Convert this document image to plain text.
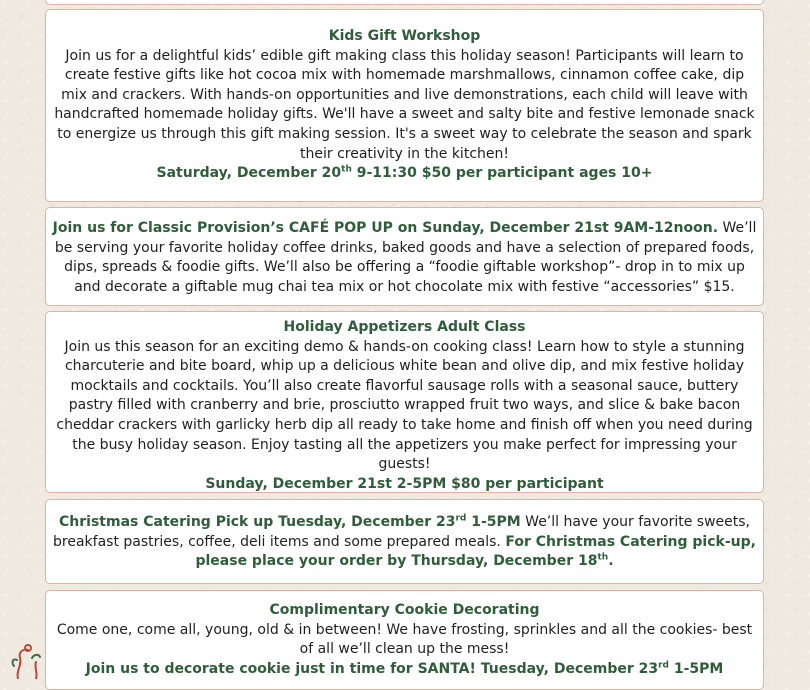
Kids Gift Workshop
Join us for a delightful kids’ edible gift making class this holiday season! Participants will learn to create festive gifts like hot cocoa mix with homemade marshmallows, cinnamon coffee cake, dip mix and crackers. With hands-on opportunities and live demonstrations, each child will leave with handcrafted homemade holiday gifts. We'll have a sweet and salty bite and festive lemonade snack to energize us through this gift making session. It's a sweet way to celebrate the season and spark their creativity in the kitchen!
Saturday, December 20th 9-11:30 $50 per participant ages 10+
Join us for Classic Provision’s CAFÉ POP UP on Sunday, December 21st 9AM-12noon. We’ll be serving your favorite holiday coffee drinks, baked goods and have a selection of prepared foods, dips, spreads & foodie gifts. We’ll also be offering a “foodie giftable workshop”- drop in to mix up and decorate a giftable mug chai tea mix or hot chocolate mix with festive “accessories” $15.
Holiday Appetizers Adult Class
Join us this season for an exciting demo & hands-on cooking class! Learn how to style a stunning charcuterie and bite board, whip up a delicious white bean and olive dip, and mix festive holiday mocktails and cocktails. You’ll also create flavorful sausage rolls with a seasonal sauce, buttery pastry filled with cranberry and brie, prosciutto wrapped fruit two ways, and slice & bake bacon cheddar crackers with garlicky herb dip all ready to take home and finish off when you need during the busy holiday season. Enjoy tasting all the appetizers you make perfect for impressing your guests!
Sunday, December 21st 2-5PM $80 per participant
Christmas Catering Pick up Tuesday, December 23rd 1-5PM We’ll have your favorite sweets, breakfast pastries, coffee, deli items and some prepared meals. For Christmas Catering pick-up, please place your order by Thursday, December 18th.
Complimentary Cookie Decorating
Come one, come all, young, old & in between! We have frosting, sprinkles and all the cookies- best of all we’ll clean up the mess!
Join us to decorate cookie just in time for SANTA! Tuesday, December 23rd 1-5PM
